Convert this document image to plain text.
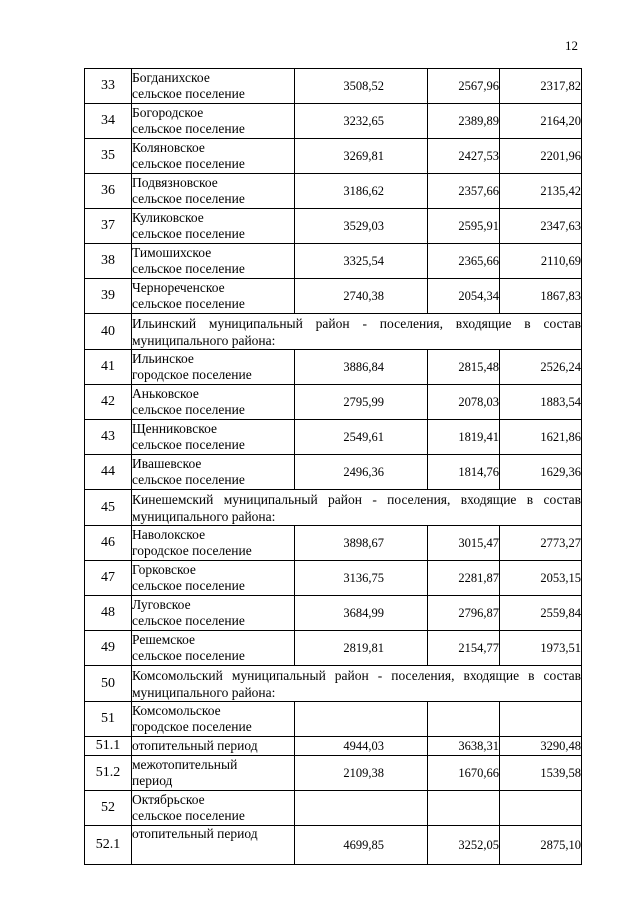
12
33	Богданихское
сельское поселение	3508,52	2567,96	2317,82
34	Богородское
сельское поселение	3232,65	2389,89	2164,20
35	Коляновское
сельское поселение	3269,81	2427,53	2201,96
36	Подвязновское
сельское поселение	3186,62	2357,66	2135,42
37	Куликовское
сельское поселение	3529,03	2595,91	2347,63
38	Тимошихское
сельское поселение	3325,54	2365,66	2110,69
39	Чернореченское
сельское поселение	2740,38	2054,34	1867,83
40	Ильинский муниципальный район - поселения, входящие в состав муниципального района:			
41	Ильинское
городское поселение	3886,84	2815,48	2526,24
42	Аньковское
сельское поселение	2795,99	2078,03	1883,54
43	Щенниковское
сельское поселение	2549,61	1819,41	1621,86
44	Ивашевское
сельское поселение	2496,36	1814,76	1629,36
45	Кинешемский муниципальный район - поселения, входящие в состав муниципального района:			
46	Наволокское
городское поселение	3898,67	3015,47	2773,27
47	Горковское
сельское поселение	3136,75	2281,87	2053,15
48	Луговское
сельское поселение	3684,99	2796,87	2559,84
49	Решемское
сельское поселение	2819,81	2154,77	1973,51
50	Комсомольский муниципальный район - поселения, входящие в состав муниципального района:			
51	Комсомольское
городское поселение			

51.1	отопительный период	4944,03	3638,31	3290,48
51.2	межотопительный
период	2109,38	1670,66	1539,58
52	Октябрьское
сельское поселение			

52.1	отопительный период	4699,85	3252,05	2875,10
